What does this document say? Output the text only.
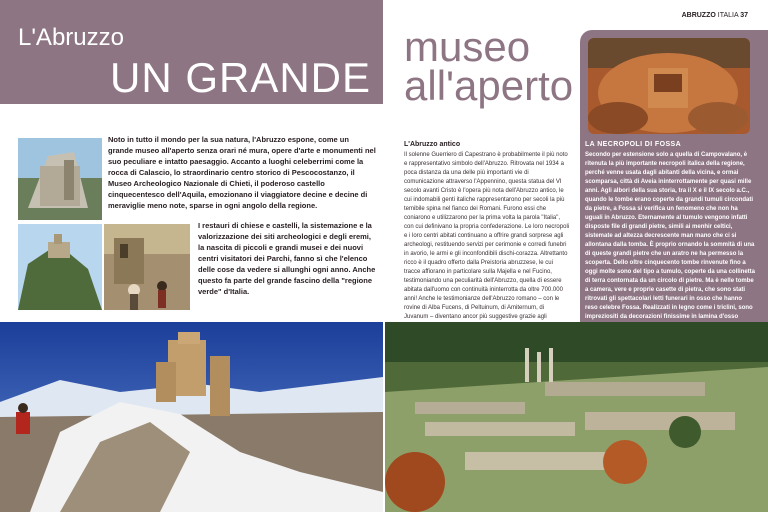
L'Abruzzo
UN GRANDE
museo
all'aperto
ABRUZZO ITALIA 37
Noto in tutto il mondo per la sua natura, l'Abruzzo espone, come un grande museo all'aperto senza orari né mura, opere d'arte e monumenti nel suo peculiare e intatto paesaggio. Accanto a luoghi celeberrimi come la rocca di Calascio, lo straordinario centro storico di Pescocostanzo, il Museo Archeologico Nazionale di Chieti, il poderoso castello cinquecentesco dell'Aquila, emozionano il viaggiatore decine e decine di meraviglie meno note, sparse in ogni angolo della regione.
I restauri di chiese e castelli, la sistemazione e la valorizzazione dei siti archeologici e degli eremi, la nascita di piccoli e grandi musei e dei nuovi centri visitatori dei Parchi, fanno sì che l'elenco delle cose da vedere si allunghi ogni anno. Anche questo fa parte del grande fascino della "regione verde" d'Italia.
L'Abruzzo antico

Il solenne Guerriero di Capestrano è probabilmente il più noto e rappresentativo simbolo dell'Abruzzo. Ritrovata nel 1934 a poca distanza da una delle più importanti vie di comunicazione attraverso l'Appennino, questa statua del VI secolo avanti Cristo è l'opera più nota dell'Abruzzo antico, le cui indomabili genti italiche rappresentarono per secoli la più temibile spina nel fianco dei Romani. Furono essi che coniarono e utilizzarono per la prima volta la parola "Italia", con cui definivano la propria confederazione. Le loro necropoli e i loro centri abitati continuano a offrire grandi sorprese agli archeologi, restituendo servizi per cerimonie e corredi funebri in avorio, le armi e gli inconfondibili dischi-corazza. Altrettanto ricco è il quadro offerto dalla Preistoria abruzzese, le cui tracce affiorano in particolare sulla Majella e nel Fucino, testimoniando una peculiarità dell'Abruzzo, quella di essere abitata dall'uomo con continuità ininterrotta da oltre 700.000 anni! Anche le testimonianze dell'Abruzzo romano – con le rovine di Alba Fucens, di Peltuinum, di Amiternum, di Juvanum – diventano ancor più suggestive grazie agli

LA NECROPOLI DI FOSSA

Secondo per estensione solo a quella di Campovalano, è ritenuta la più importante necropoli italica della regione, perché venne usata dagli abitanti della vicina, e ormai scomparsa, città di Aveia ininterrottamente per quasi mille anni. Agli albori della sua storia, tra il X e il IX secolo a.C., quando le tombe erano coperte da grandi tumuli circondati da pietre, a Fossa si verifica un fenomeno che non ha uguali in Abruzzo. Eternamente al tumulo vengono infatti disposte file di grandi pietre, simili ai menhir celtici, sistemate ad altezza decrescente man mano che ci si allontana dalla tomba. È proprio ornando la sommità di una di queste grandi pietre che un aratro ne ha permesso la scoperta. Dello oltre cinquecento tombe rinvenute fino a oggi molte sono del tipo a tumulo, coperte da una collinetta di terra contornata da un circolo di pietre. Ma è nelle tombe a camera, vere e proprie casette di pietra, che sono stati ritrovati gli spettacolari letti funerari in osso che hanno reso celebre Fossa. Realizzati in legno come i triclini, sono impreziositi da decorazioni finissime in lamina d'osso
